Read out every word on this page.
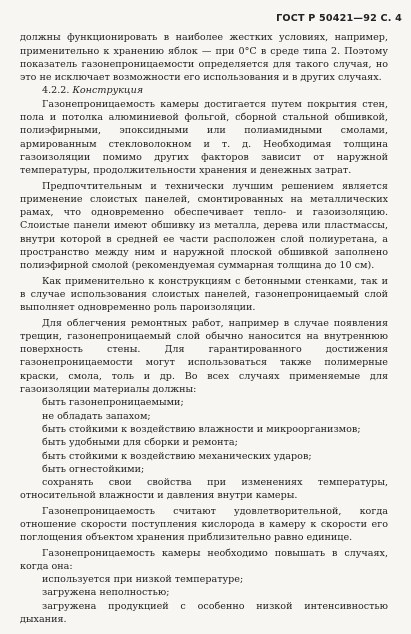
ГОСТ Р 50421—92 С. 4

должны функционировать в наиболее жестких условиях, например, применительно к хранению яблок — при 0°С в среде типа 2. Поэтому показатель газонепроницаемости определяется для такого случая, но это не исключает возможности его использования и в других случаях.

4.2.2. Конструкция

Газонепроницаемость камеры достигается путем покрытия стен, пола и потолка алюминиевой фольгой, сборной стальной обшивкой, полиэфирными, эпоксидными или полиамидными смолами, армированным стекловолокном и т. д. Необходимая толщина газоизоляции помимо других факторов зависит от наружной температуры, продолжительности хранения и денежных затрат.

Предпочтительным и технически лучшим решением является применение слоистых панелей, смонтированных на металлических рамах, что одновременно обеспечивает тепло- и газоизоляцию. Слоистые панели имеют обшивку из металла, дерева или пластмассы, внутри которой в средней ее части расположен слой полиуретана, а пространство между ним и наружной плоской обшивкой заполнено полиэфирной смолой (рекомендуемая суммарная толщина до 10 см).

Как применительно к конструкциям с бетонными стенками, так и в случае использования слоистых панелей, газонепроницаемый слой выполняет одновременно роль пароизоляции.

Для облегчения ремонтных работ, например в случае появления трещин, газонепроницаемый слой обычно наносится на внутреннюю поверхность стены. Для гарантированного достижения газонепроницаемости могут использоваться также полимерные краски, смола, толь и др. Во всех случаях применяемые для газоизоляции материалы должны:

быть газонепроницаемыми;

не обладать запахом;

быть стойкими к воздействию влажности и микроорганизмов;

быть удобными для сборки и ремонта;

быть стойкими к воздействию механических ударов;

быть огнестойкими;

сохранять свои свойства при изменениях температуры, относительной влажности и давления внутри камеры.

Газонепроницаемость считают удовлетворительной, когда отношение скорости поступления кислорода в камеру к скорости его поглощения объектом хранения приблизительно равно единице.

Газонепроницаемость камеры необходимо повышать в случаях, когда она:

используется при низкой температуре;

загружена неполностью;

загружена продукцией с особенно низкой интенсивностью дыхания.
